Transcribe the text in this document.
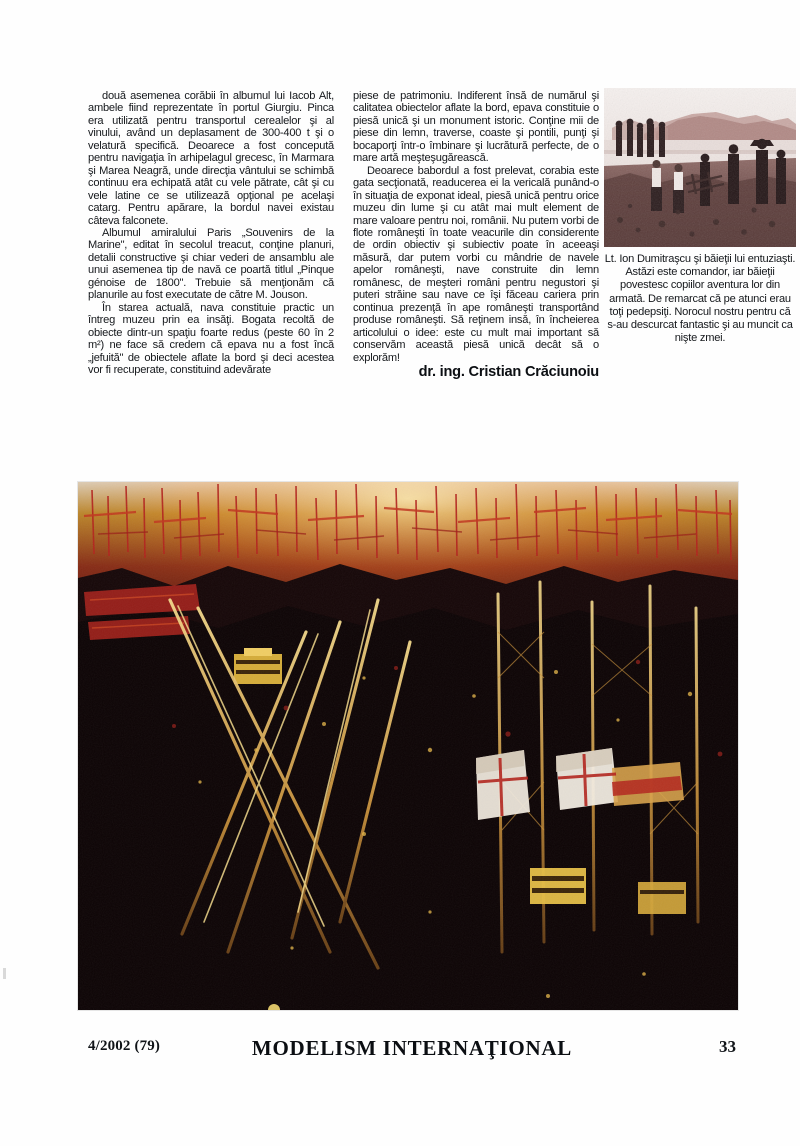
două asemenea corăbii în albumul lui Iacob Alt, ambele fiind reprezentate în portul Giurgiu. Pinca era utilizată pentru transportul cerealelor şi al vinului, având un deplasament de 300-400 t şi o velatură specifică. Deoarece a fost concepută pentru navigaţia în arhipelagul grecesc, în Marmara şi Marea Neagră, unde direcţia vântului se schimbă continuu era echipată atât cu vele pătrate, cât şi cu vele latine ce se utilizează opţional pe acelaşi catarg. Pentru apărare, la bordul navei existau câteva falconete.

Albumul amiralului Paris „Souvenirs de la Marine", editat în secolul treacut, conţine planuri, detalii constructive şi chiar vederi de ansamblu ale unui asemenea tip de navă ce poartă titlul „Pinque génoise de 1800". Trebuie să menţionăm că planurile au fost executate de către M. Jouson.

În starea actuală, nava constituie practic un întreg muzeu prin ea insăţi. Bogata recoltă de obiecte dintr-un spaţiu foarte redus (peste 60 în 2 m²) ne face să credem că epava nu a fost încă „jefuită" de obiectele aflate la bord şi deci acestea vor fi recuperate, constituind adevărate

piese de patrimoniu. Indiferent însă de numărul şi calitatea obiectelor aflate la bord, epava constituie o piesă unică şi un monument istoric. Conţine mii de piese din lemn, traverse, coaste şi pontili, punţi şi bocaporţi într-o îmbinare şi lucrătură perfecte, de o mare artă meşteşugărească.

Deoarece babordul a fost prelevat, corabia este gata secţionată, readucerea ei la vericală punând-o în situaţia de exponat ideal, piesă unică pentru orice muzeu din lume şi cu atât mai mult element de mare valoare pentru noi, românii. Nu putem vorbi de flote româneşti în toate veacurile din considerente de ordin obiectiv şi subiectiv poate în aceeaşi măsură, dar putem vorbi cu mândrie de navele apelor româneşti, nave construite din lemn românesc, de meşteri români pentru negustori şi puteri străine sau nave ce îşi făceau cariera prin continua prezenţă în ape româneşti transportând produse româneşti. Să reţinem insă, în încheierea articolului o idee: este cu mult mai important să conservăm această piesă unică decât să o explorăm!

dr. ing. Cristian Crăciunoiu

Lt. Ion Dumitraşcu şi băieţii lui entuziaşti. Astăzi este comandor, iar băieţii povestesc copiilor aventura lor din armată. De remarcat că pe atunci erau toţi pedepsiţi. Norocul nostru pentru că s-au descurcat fantastic şi au muncit ca nişte zmei.
4/2002 (79)	MODELISM INTERNAŢIONAL	33
